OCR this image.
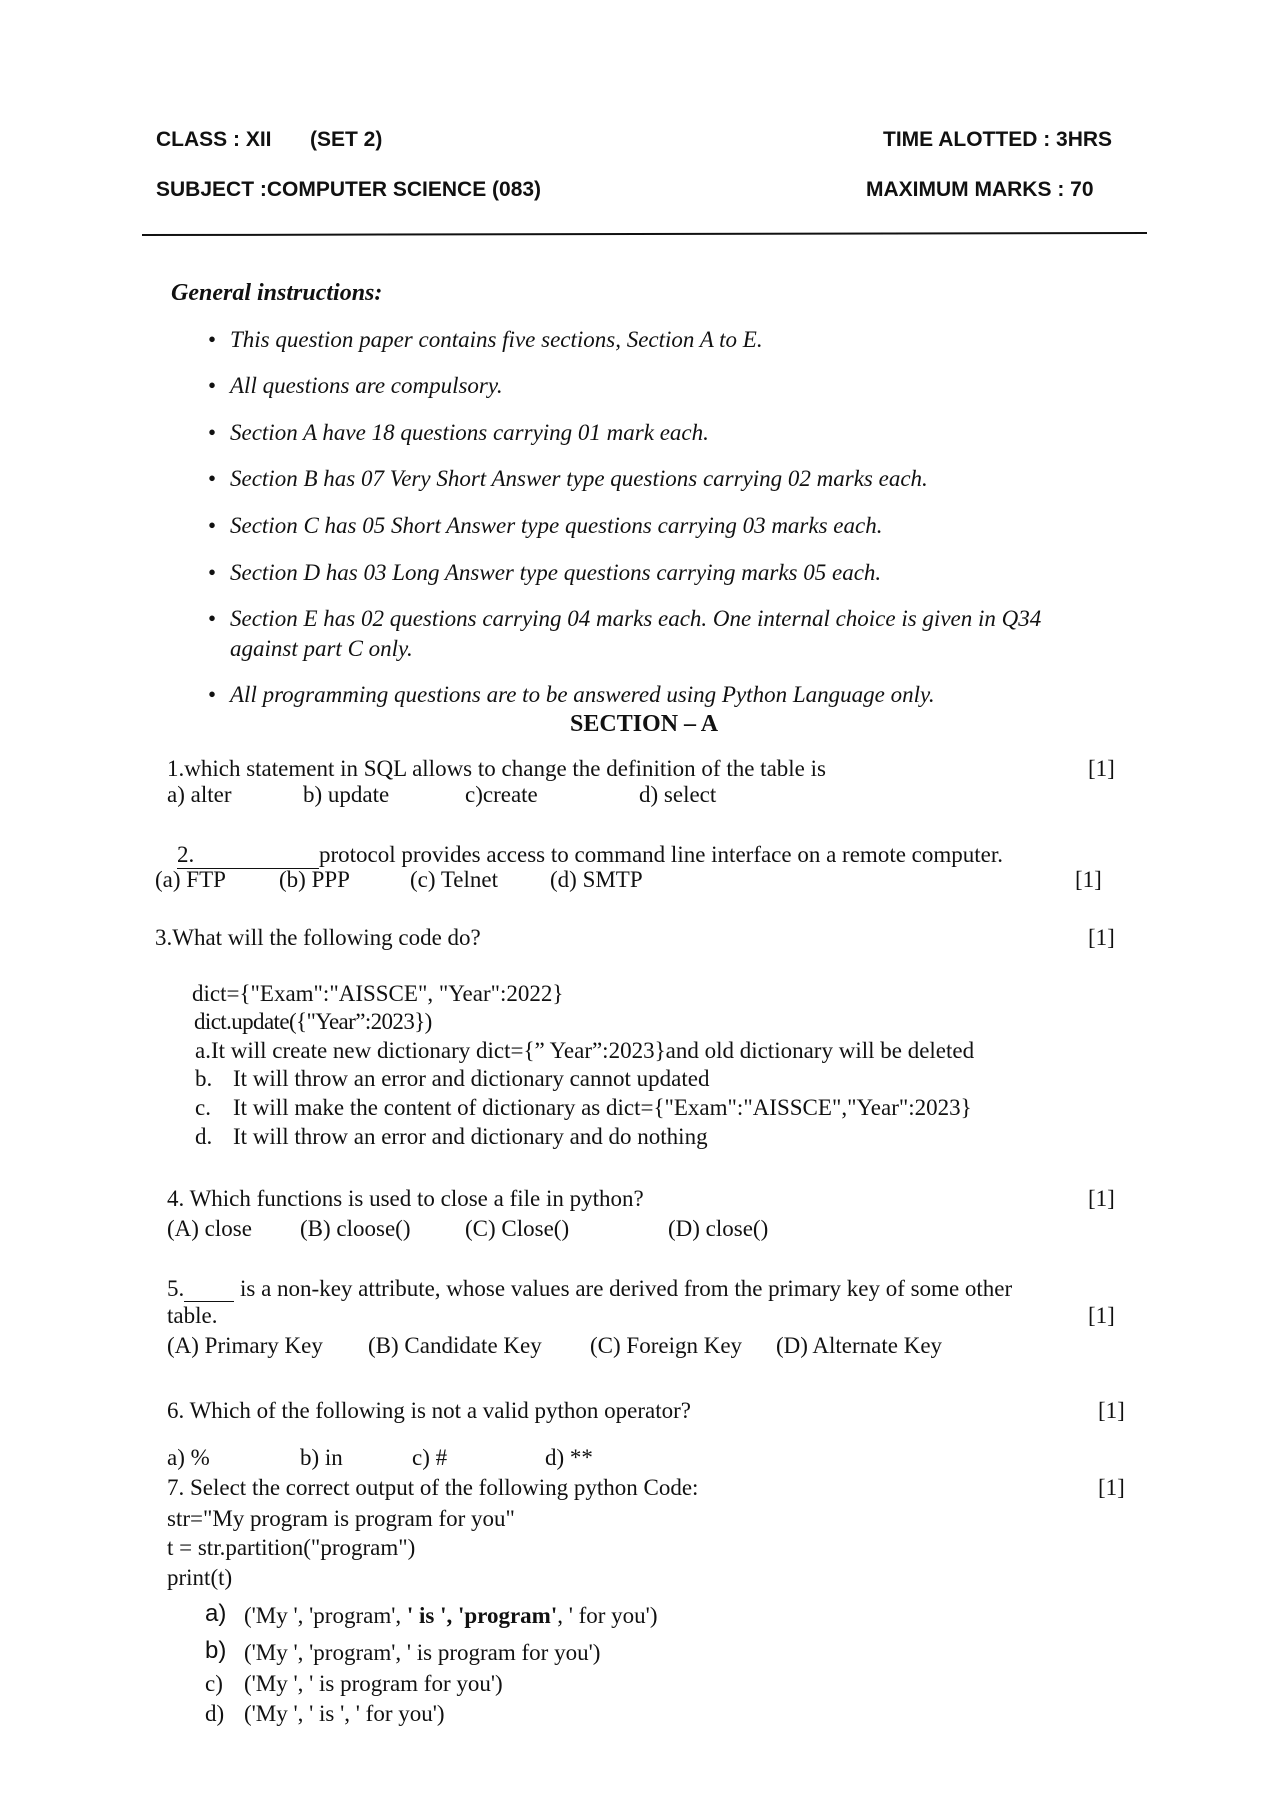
CLASS : XII (SET 2)	TIME ALOTTED : 3HRS
SUBJECT :COMPUTER SCIENCE (083)	MAXIMUM MARKS : 70
General instructions:
• This question paper contains five sections, Section A to E.
• All questions are compulsory.
• Section A have 18 questions carrying 01 mark each.
• Section B has 07 Very Short Answer type questions carrying 02 marks each.
• Section C has 05 Short Answer type questions carrying 03 marks each.
• Section D has 03 Long Answer type questions carrying marks 05 each.
• Section E has 02 questions carrying 04 marks each. One internal choice is given in Q34
against part C only.
• All programming questions are to be answered using Python Language only.
SECTION – A
1.which statement in SQL allows to change the definition of the table is	[1]
a) alter	b) update	c)create	d) select
2.	protocol provides access to command line interface on a remote computer.
(a) FTP (b) PPP	(c) Telnet (d) SMTP	[1]
3.What will the following code do?	[1]
dict={"Exam":"AISSCE", "Year":2022}
dict.update({"Year”:2023})
a.It will create new dictionary dict={” Year”:2023}and old dictionary will be deleted
b. It will throw an error and dictionary cannot updated
c. It will make the content of dictionary as dict={"Exam":"AISSCE","Year":2023}
d. It will throw an error and dictionary and do nothing
4. Which functions is used to close a file in python?	[1]
(A) close (B) cloose() (C) Close()	(D) close()
5. is a non-key attribute, whose values are derived from the primary key of some other
table.	[1]
(A) Primary Key (B) Candidate Key (C) Foreign Key (D) Alternate Key
6. Which of the following is not a valid python operator?	[1]
a) %	b) in	c) #	d) **
7. Select the correct output of the following python Code:	[1]
str="My program is program for you"
t = str.partition("program")
print(t)
a) ('My ', 'program', ' is ', 'program', ' for you')
b) ('My ', 'program', ' is program for you')
c) ('My ', ' is program for you')
d) ('My ', ' is ', ' for you')
